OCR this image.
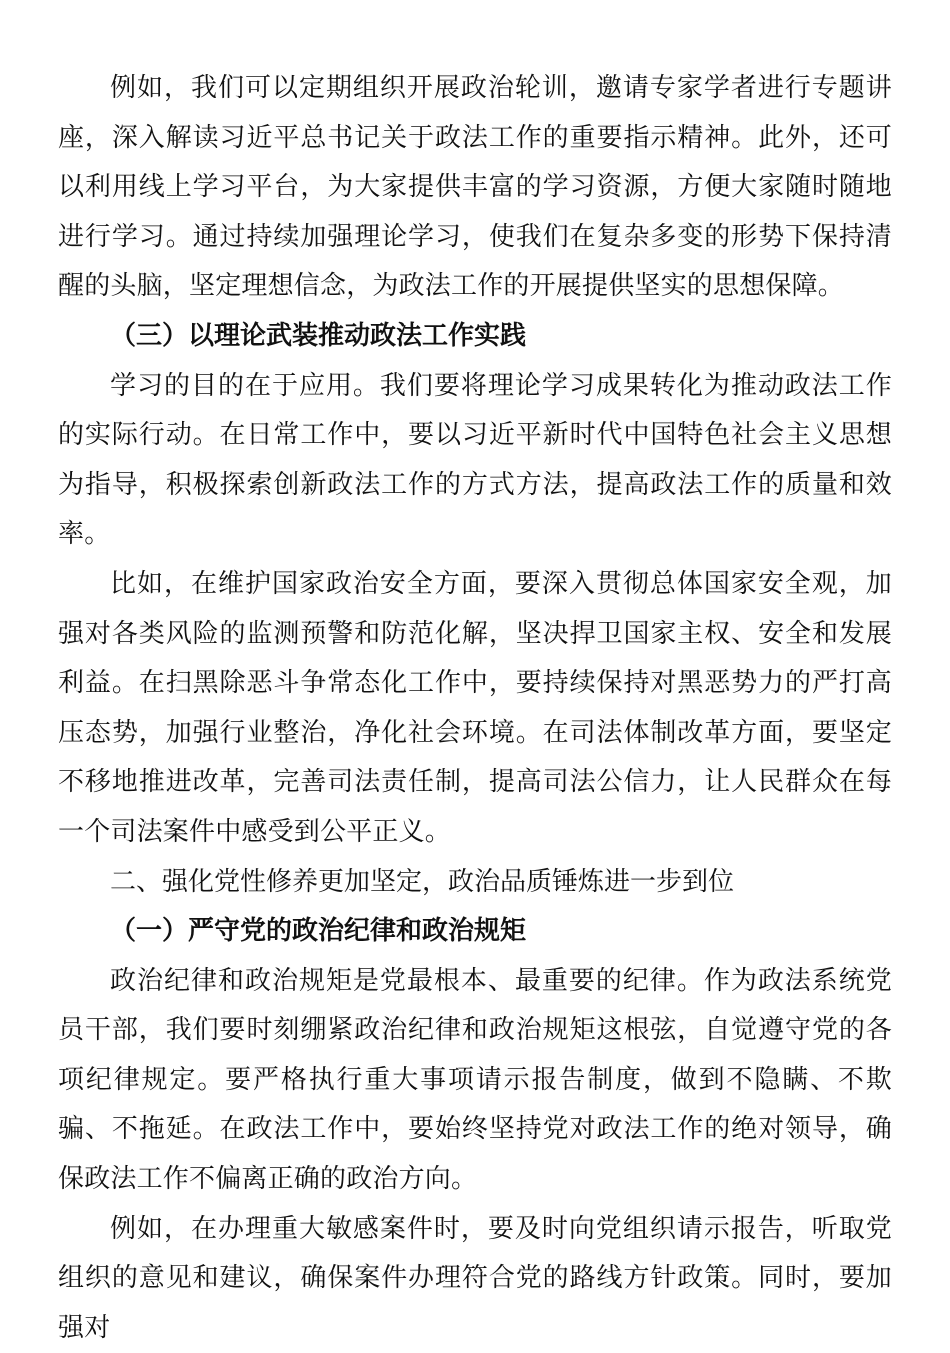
例如，我们可以定期组织开展政治轮训，邀请专家学者进行专题讲座，深入解读习近平总书记关于政法工作的重要指示精神。此外，还可以利用线上学习平台，为大家提供丰富的学习资源，方便大家随时随地进行学习。通过持续加强理论学习，使我们在复杂多变的形势下保持清醒的头脑，坚定理想信念，为政法工作的开展提供坚实的思想保障。

（三）以理论武装推动政法工作实践

学习的目的在于应用。我们要将理论学习成果转化为推动政法工作的实际行动。在日常工作中，要以习近平新时代中国特色社会主义思想为指导，积极探索创新政法工作的方式方法，提高政法工作的质量和效率。

比如，在维护国家政治安全方面，要深入贯彻总体国家安全观，加强对各类风险的监测预警和防范化解，坚决捍卫国家主权、安全和发展利益。在扫黑除恶斗争常态化工作中，要持续保持对黑恶势力的严打高压态势，加强行业整治，净化社会环境。在司法体制改革方面，要坚定不移地推进改革，完善司法责任制，提高司法公信力，让人民群众在每一个司法案件中感受到公平正义。

二、强化党性修养更加坚定，政治品质锤炼进一步到位

（一）严守党的政治纪律和政治规矩

政治纪律和政治规矩是党最根本、最重要的纪律。作为政法系统党员干部，我们要时刻绷紧政治纪律和政治规矩这根弦，自觉遵守党的各项纪律规定。要严格执行重大事项请示报告制度，做到不隐瞒、不欺骗、不拖延。在政法工作中，要始终坚持党对政法工作的绝对领导，确保政法工作不偏离正确的政治方向。

例如，在办理重大敏感案件时，要及时向党组织请示报告，听取党组织的意见和建议，确保案件办理符合党的路线方针政策。同时，要加强对
